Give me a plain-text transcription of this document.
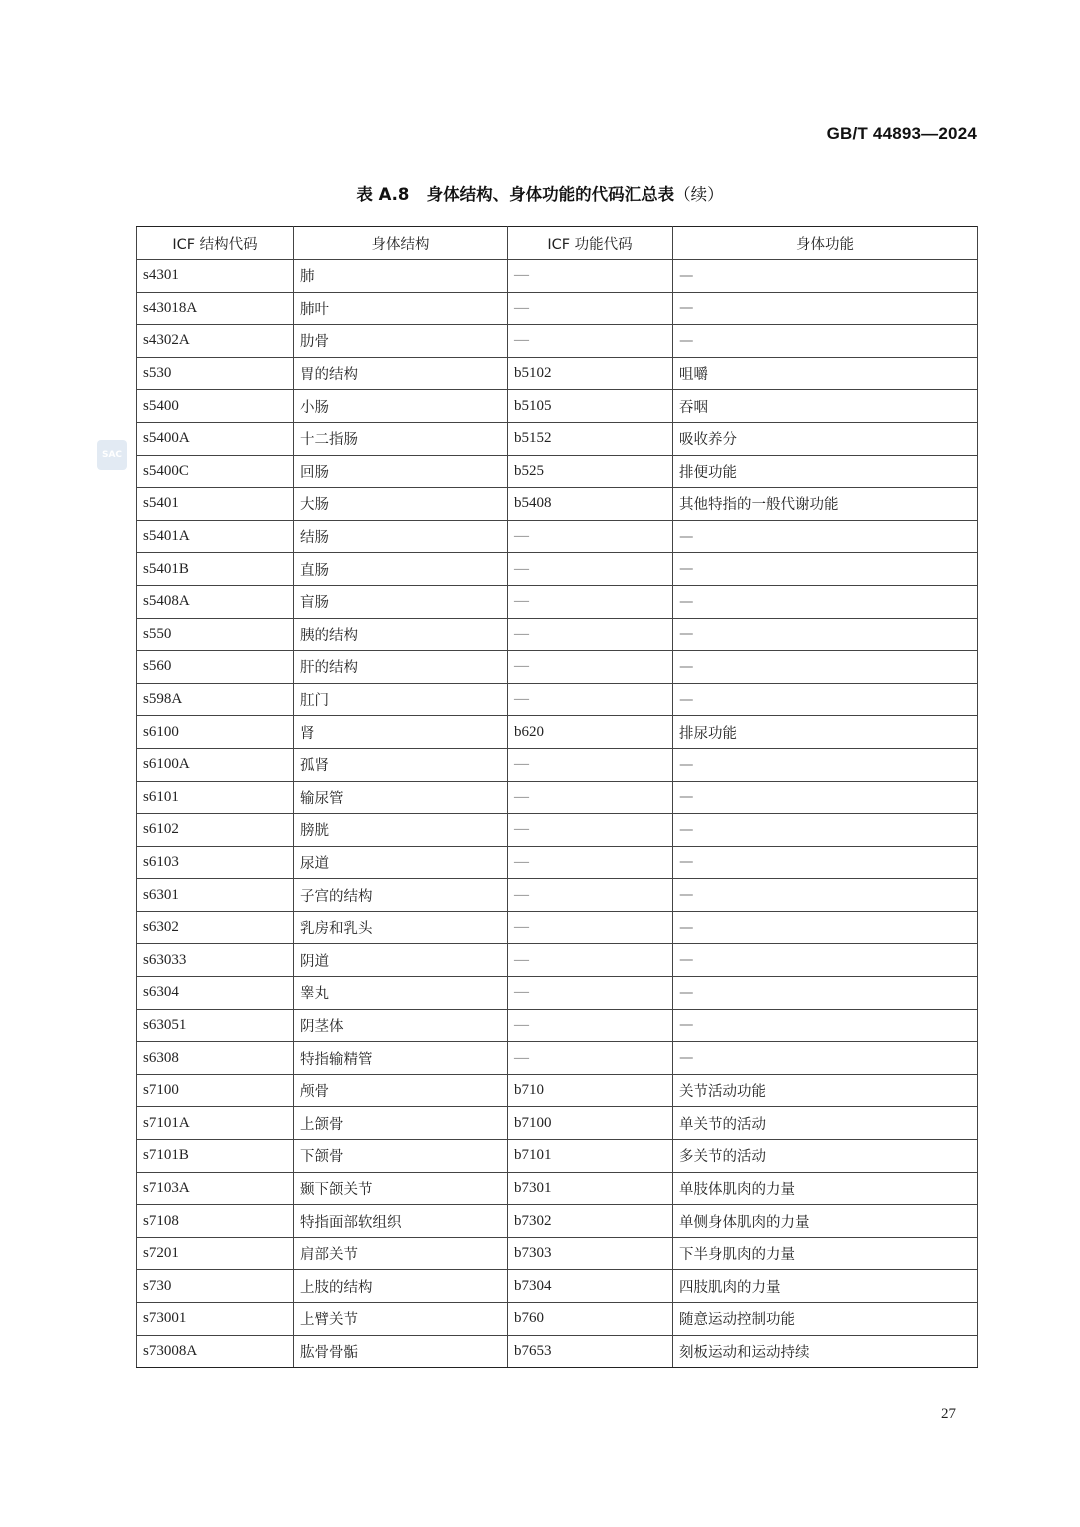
GB/T 44893—2024
表 A.8 身体结构、身体功能的代码汇总表（续）
SAC
ICF 结构代码	身体结构	ICF 功能代码	身体功能
s4301	肺	—	—
s43018A	肺叶	—	—
s4302A	肋骨	—	—
s530	胃的结构	b5102	咀嚼
s5400	小肠	b5105	吞咽
s5400A	十二指肠	b5152	吸收养分
s5400C	回肠	b525	排便功能
s5401	大肠	b5408	其他特指的一般代谢功能
s5401A	结肠	—	—
s5401B	直肠	—	—
s5408A	盲肠	—	—
s550	胰的结构	—	—
s560	肝的结构	—	—
s598A	肛门	—	—
s6100	肾	b620	排尿功能
s6100A	孤肾	—	—
s6101	输尿管	—	—
s6102	膀胱	—	—
s6103	尿道	—	—
s6301	子宫的结构	—	—
s6302	乳房和乳头	—	—
s63033	阴道	—	—
s6304	睾丸	—	—
s63051	阴茎体	—	—
s6308	特指输精管	—	—
s7100	颅骨	b710	关节活动功能
s7101A	上颌骨	b7100	单关节的活动
s7101B	下颌骨	b7101	多关节的活动
s7103A	颞下颌关节	b7301	单肢体肌肉的力量
s7108	特指面部软组织	b7302	单侧身体肌肉的力量
s7201	肩部关节	b7303	下半身肌肉的力量
s730	上肢的结构	b7304	四肢肌肉的力量
s73001	上臂关节	b760	随意运动控制功能
s73008A	肱骨骨骺	b7653	刻板运动和运动持续
27
